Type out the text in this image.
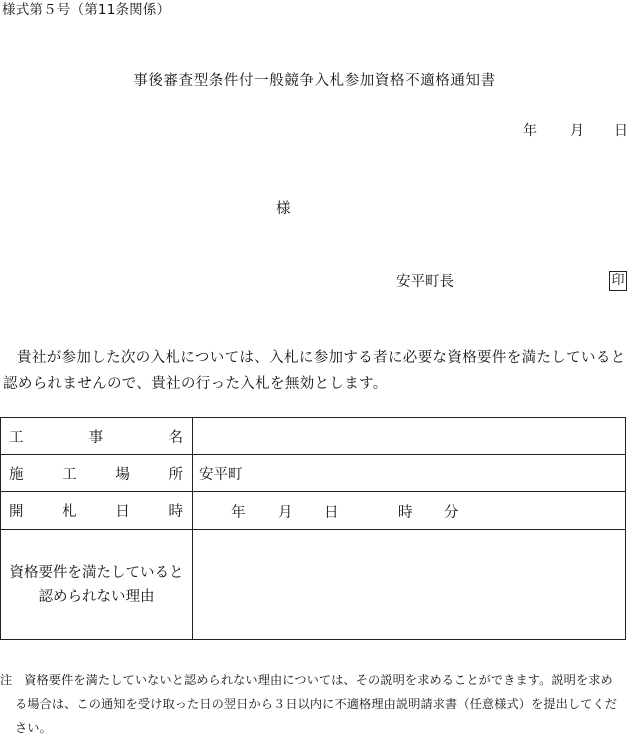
様式第５号（第11条関係）
事後審査型条件付一般競争入札参加資格不適格通知書
年 月 日
様
安平町長	印
貴社が参加した次の入札については、入札に参加する者に必要な資格要件を満たしていると認められませんので、貴社の行った入札を無効とします。
工 事 名	

施 工 場 所	安平町

開 札 日 時	年 月 日 時 分

資格要件を満たしていると認められない理由	
注 資格要件を満たしていないと認められない理由については、その説明を求めることができます。説明を求め
る場合は、この通知を受け取った日の翌日から３日以内に不適格理由説明請求書（任意様式）を提出してくだ
さい。
